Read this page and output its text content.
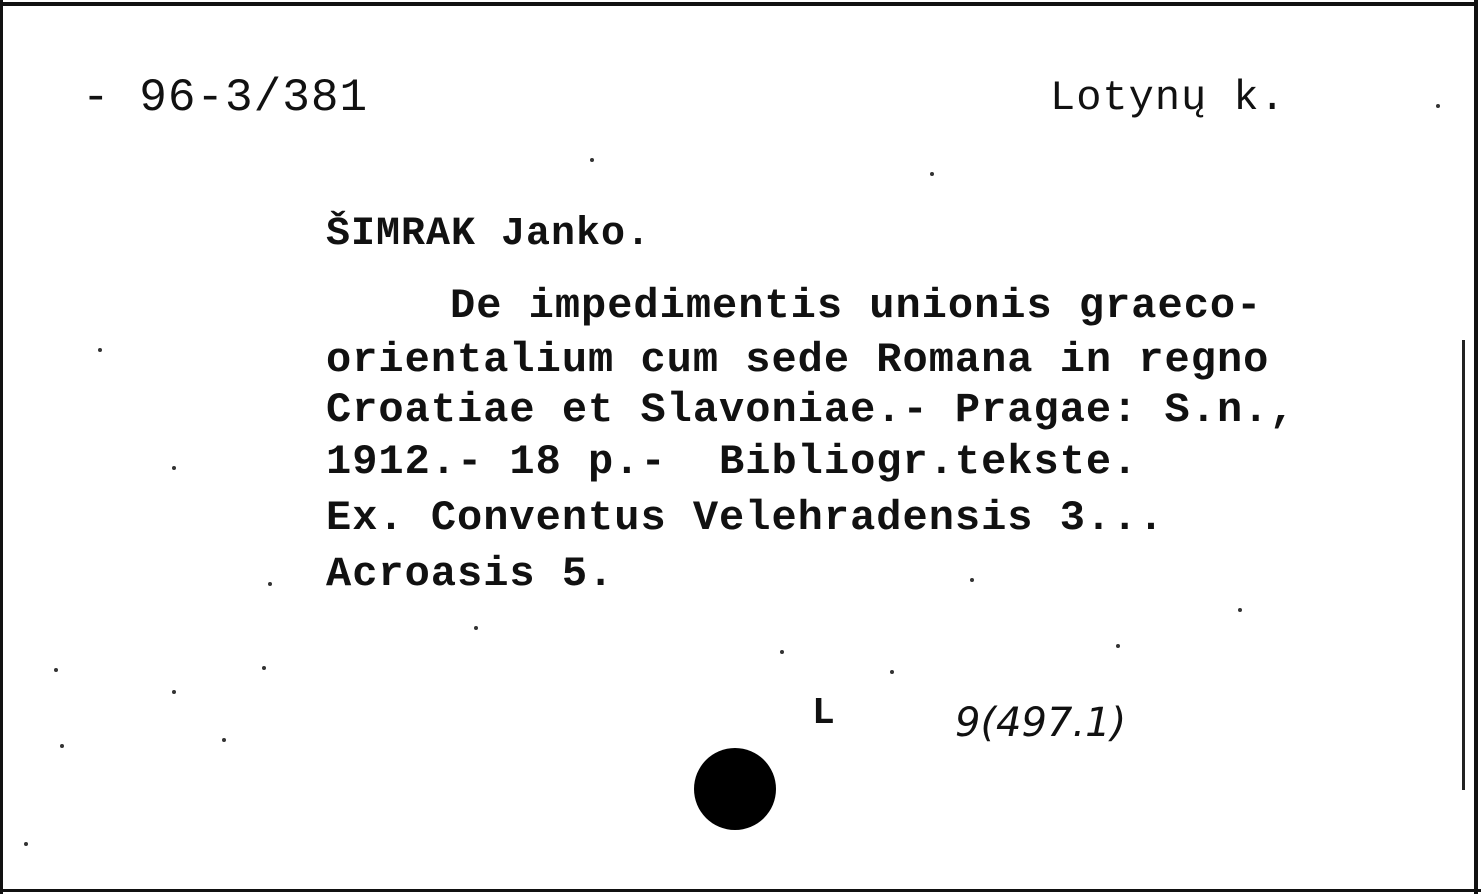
- 96-3/381	Lotynų k.
ŠIMRAK Janko.
De impedimentis unionis graeco-
orientalium cum sede Romana in regno
Croatiae et Slavoniae.- Pragae: S.n.,
1912.- 18 p.-  Bibliogr.tekste.
Ex. Conventus Velehradensis 3...
Acroasis 5.
L	9(497.1)
